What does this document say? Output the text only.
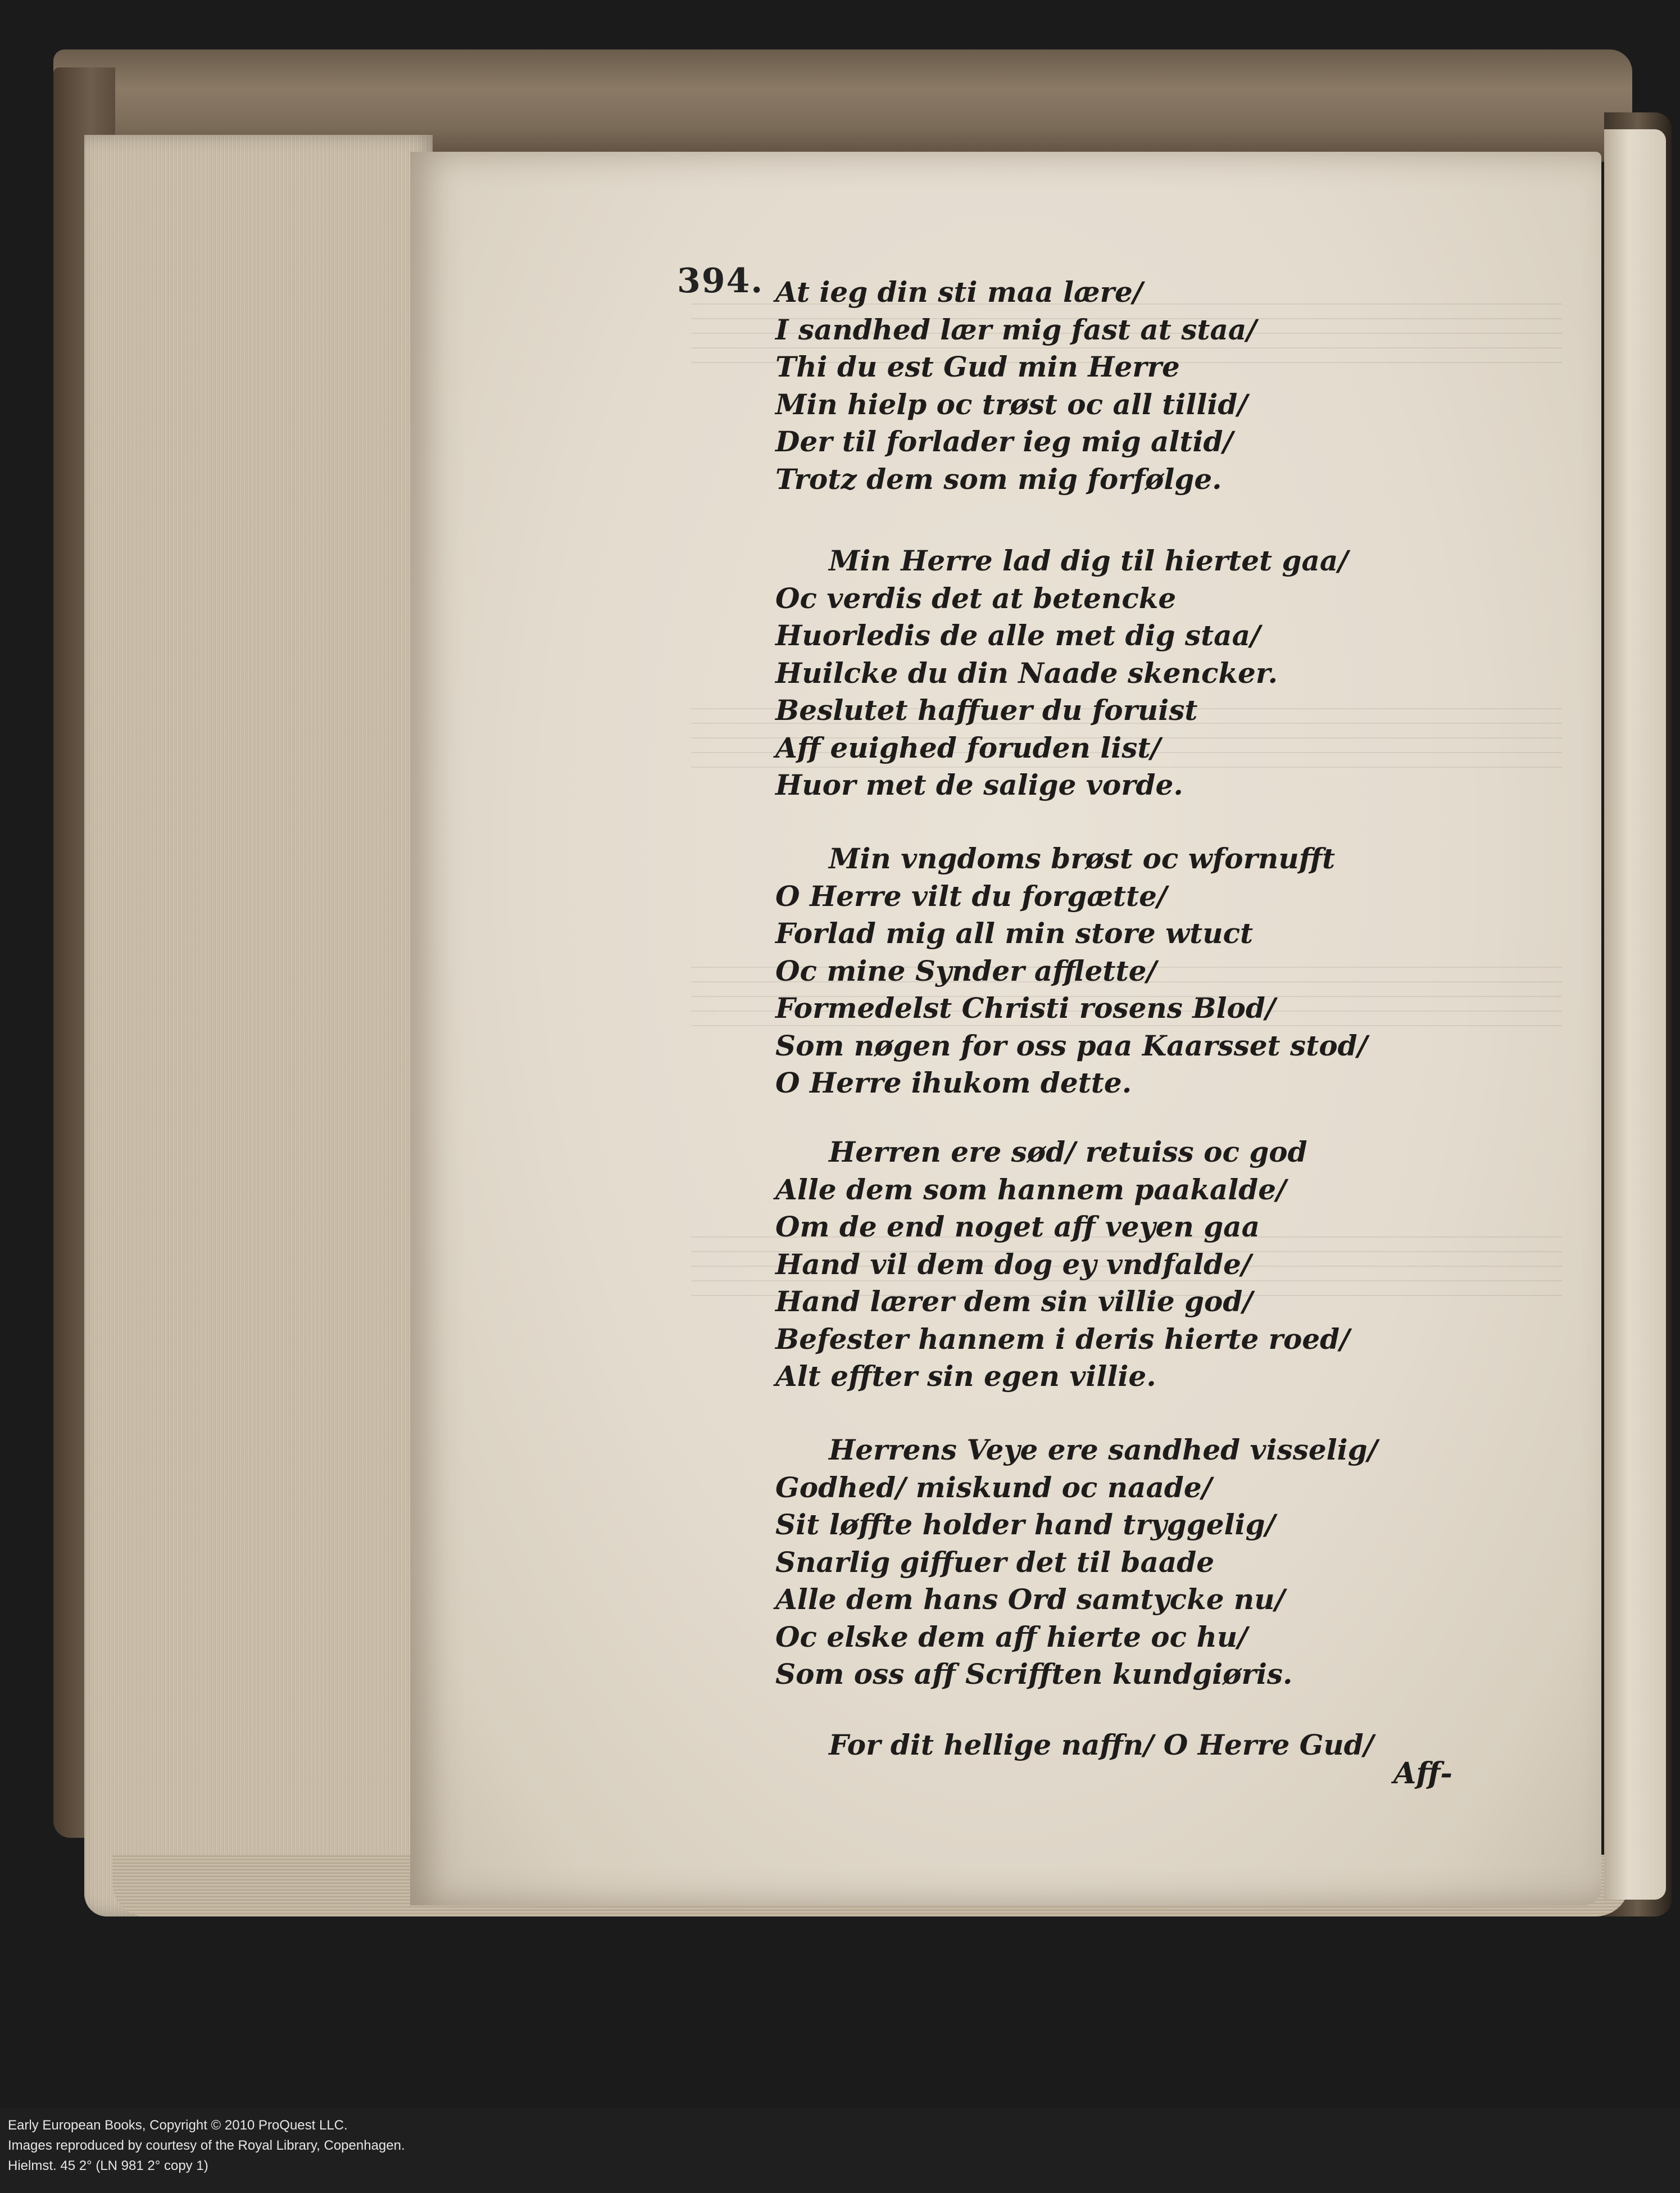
394. At ieg din sti maa lære/
I sandhed lær mig fast at staa/
Thi du est Gud min Herre
Min hielp oc trøst oc all tillid/
Der til forlader ieg mig altid/
Trotz dem som mig forfølge.
Min Herre lad dig til hiertet gaa/
Oc verdis det at betencke
Huorledis de alle met dig staa/
Huilcke du din Naade skencker.
Beslutet haffuer du foruist
Aff euighed foruden list/
Huor met de salige vorde.
Min vngdoms brøst oc wfornufft
O Herre vilt du forgætte/
Forlad mig all min store wtuct
Oc mine Synder afflette/
Formedelst Christi rosens Blod/
Som nøgen for oss paa Kaarsset stod/
O Herre ihukom dette.
Herren ere sød/ retuiss oc god
Alle dem som hannem paakalde/
Om de end noget aff veyen gaa
Hand vil dem dog ey vndfalde/
Hand lærer dem sin villie god/
Befester hannem i deris hierte roed/
Alt effter sin egen villie.
Herrens Veye ere sandhed visselig/
Godhed/ miskund oc naade/
Sit løffte holder hand tryggelig/
Snarlig giffuer det til baade
Alle dem hans Ord samtycke nu/
Oc elske dem aff hierte oc hu/
Som oss aff Scrifften kundgiøris.
For dit hellige naffn/ O Herre Gud/
Aff-
Early European Books, Copyright © 2010 ProQuest LLC.
Images reproduced by courtesy of the Royal Library, Copenhagen.
Hielmst. 45 2° (LN 981 2° copy 1)
